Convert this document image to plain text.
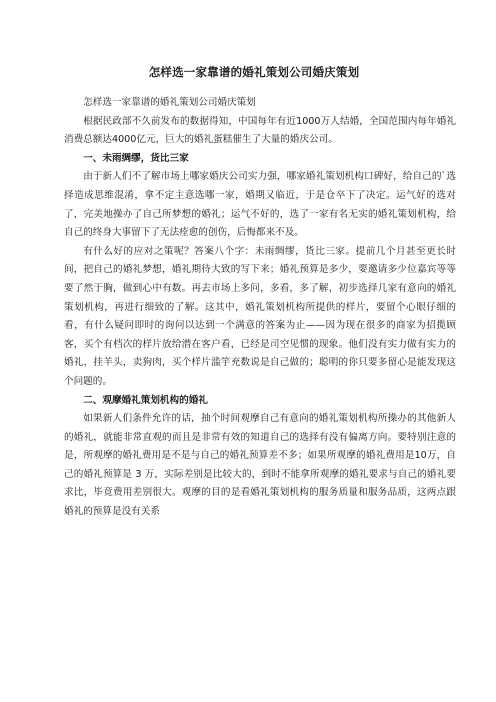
怎样选一家靠谱的婚礼策划公司婚庆策划

怎样选一家靠谱的婚礼策划公司婚庆策划

根据民政部不久前发布的数据得知，中国每年有近1000万人结婚，全国范围内每年婚礼消费总额达4000亿元，巨大的婚礼蛋糕催生了大量的婚庆公司。

一、未雨绸缪，货比三家

由于新人们不了解市场上哪家婚庆公司实力强，哪家婚礼策划机构口碑好，给自己的`选择造成思维混淆，拿不定主意选哪一家，婚期又临近，于是仓卒下了决定。运气好的选对了，完美地操办了自己所梦想的婚礼；运气不好的，选了一家有名无实的婚礼策划机构，给自己的终身大事留下了无法痊愈的创伤，后悔都来不及。

有什么好的应对之策呢？答案八个字：未雨绸缪，货比三家。提前几个月甚至更长时间，把自己的婚礼梦想，婚礼期待大致的写下来；婚礼预算是多少，要邀请多少位嘉宾等等要了然于胸，做到心中有数。再去市场上多问，多看，多了解，初步选择几家有意向的婚礼策划机构，再进行细致的了解。这其中，婚礼策划机构所提供的样片，要留个心眼仔细的看，有什么疑问即时的询问以达到一个满意的答案为止——因为现在很多的商家为招揽顾客，买个有档次的样片放给潜在客户看，已经是司空见惯的现象。他们没有实力做有实力的婚礼，挂羊头，卖狗肉，买个样片滥竽充数说是自己做的；聪明的你只要多留心是能发现这个问题的。

二、观摩婚礼策划机构的婚礼

如果新人们条件允许的话，抽个时间观摩自己有意向的婚礼策划机构所操办的其他新人的婚礼，就能非常直观的而且是非常有效的知道自己的选择有没有偏离方向。要特别注意的是，所观摩的婚礼费用是不是与自己的婚礼预算差不多；如果所观摩的婚礼费用是10万，自己的婚礼预算是 3 万，实际差别是比较大的，到时不能拿所观摩的婚礼要求与自己的婚礼要求比，毕竟费用差别很大。观摩的目的是看婚礼策划机构的服务质量和服务品质，这两点跟婚礼的预算是没有关系
